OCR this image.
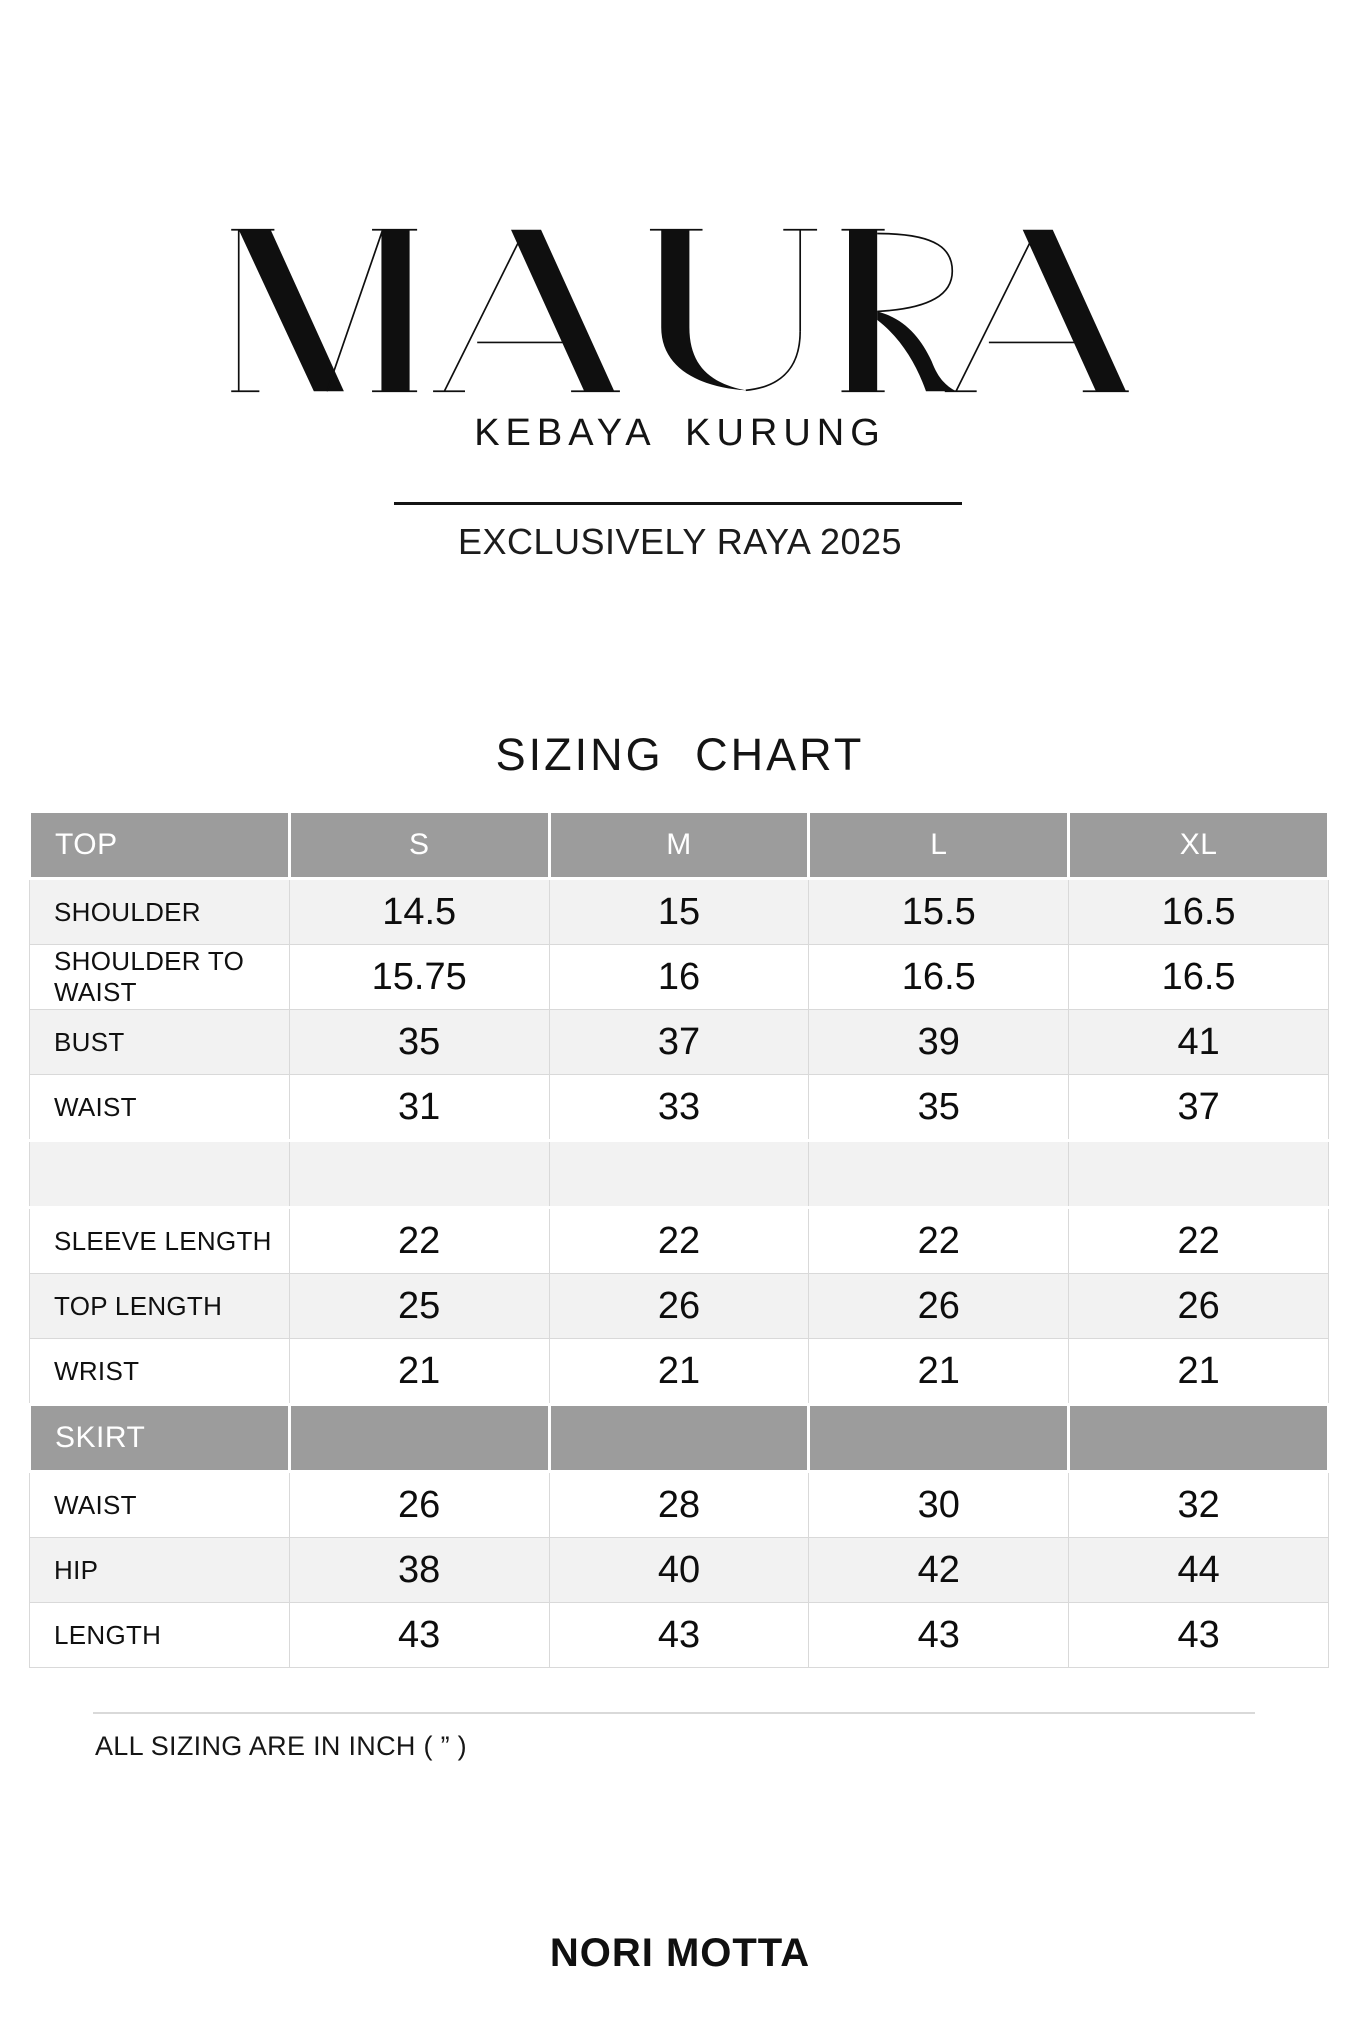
KEBAYA KURUNG
EXCLUSIVELY RAYA 2025
SIZING CHART
TOP	S	M	L	XL
SHOULDER	14.5	15	15.5	16.5
SHOULDER TO WAIST	15.75	16	16.5	16.5
BUST	35	37	39	41
WAIST	31	33	35	37

SLEEVE LENGTH	22	22	22	22
TOP LENGTH	25	26	26	26
WRIST	21	21	21	21
SKIRT				
WAIST	26	28	30	32
HIP	38	40	42	44
LENGTH	43	43	43	43
ALL SIZING ARE IN INCH ( ” )
NORI MOTTA
